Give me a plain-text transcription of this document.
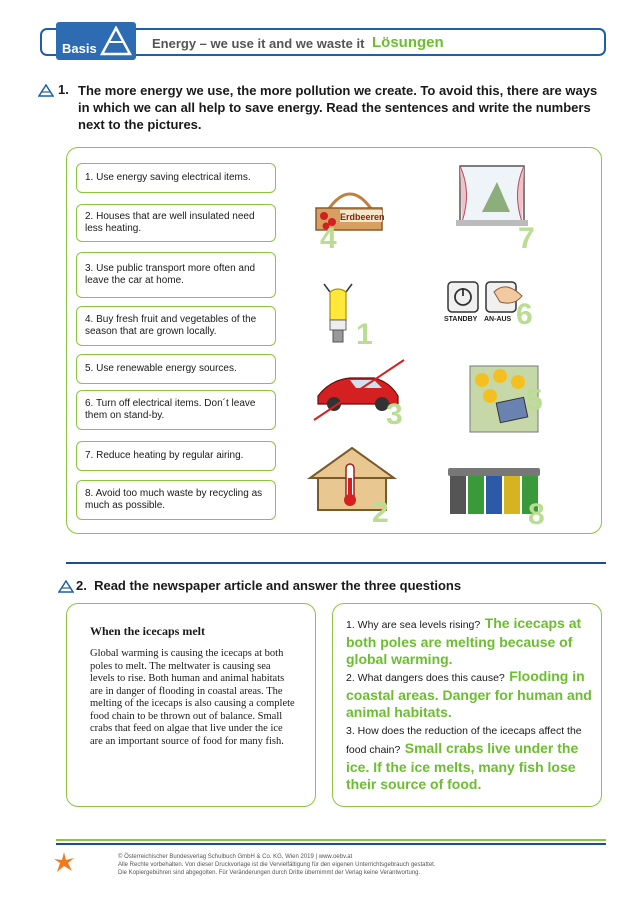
Basis	Energy – we use it and we waste it Lösungen
1. The more energy we use, the more pollution we create. To avoid this, there are ways in which we can all help to save energy. Read the sentences and write the numbers next to the pictures.
1. Use energy saving electrical items.
2. Houses that are well insulated need less heating.
3. Use public transport more often and leave the car at home.
4. Buy fresh fruit and vegetables of the season that are grown locally.
5. Use renewable energy sources.
6. Turn off electrical items. Don´t leave them on stand-by.
7. Reduce heating by regular airing.
8. Avoid too much waste by recycling as much as possible.
Erdbeeren
4	7
1	STANDBY AN-AUS 6
3	5
2	8
2. Read the newspaper article and answer the three questions
When the icecaps melt
Global warming is causing the icecaps at both poles to melt. The meltwater is causing sea levels to rise. Both human and animal habitats are in danger of flooding in coastal areas. The melting of the icecaps is also causing a complete food chain to be thrown out of balance. Small crabs that feed on algae that live under the ice are an important source of food for many fish.
1. Why are sea levels rising? The icecaps at both poles are melting because of global warming.
2. What dangers does this cause? Flooding in coastal areas. Danger for human and animal habitats.
3. How does the reduction of the icecaps affect the food chain? Small crabs live under the ice. If the ice melts, many fish lose their source of food.
© Österreichischer Bundesverlag Schulbuch GmbH & Co. KG, Wien 2019 | www.oebv.at
Alle Rechte vorbehalten. Von dieser Druckvorlage ist die Vervielfältigung für den eigenen Unterrichtsgebrauch gestattet.
Die Kopiergebühren sind abgegolten. Für Veränderungen durch Dritte übernimmt der Verlag keine Verantwortung.
